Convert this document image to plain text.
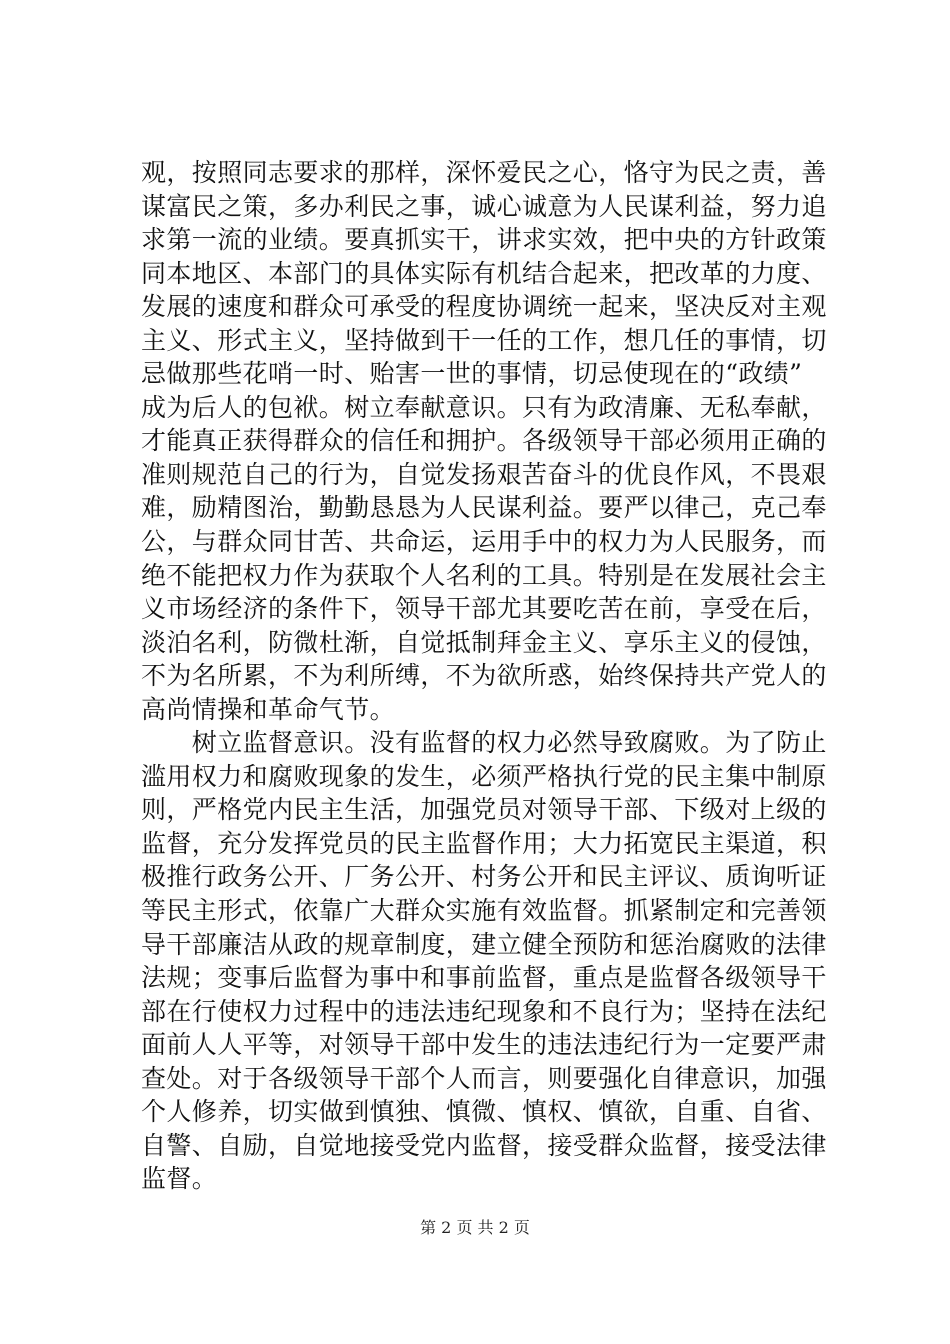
观，按照同志要求的那样，深怀爱民之心，恪守为民之责，善
谋富民之策，多办利民之事，诚心诚意为人民谋利益，努力追
求第一流的业绩。要真抓实干，讲求实效，把中央的方针政策
同本地区、本部门的具体实际有机结合起来，把改革的力度、
发展的速度和群众可承受的程度协调统一起来，坚决反对主观
主义、形式主义，坚持做到干一任的工作，想几任的事情，切
忌做那些花哨一时、贻害一世的事情，切忌使现在的“政绩”
成为后人的包袱。树立奉献意识。只有为政清廉、无私奉献，
才能真正获得群众的信任和拥护。各级领导干部必须用正确的
准则规范自己的行为，自觉发扬艰苦奋斗的优良作风，不畏艰
难，励精图治，勤勤恳恳为人民谋利益。要严以律己，克己奉
公，与群众同甘苦、共命运，运用手中的权力为人民服务，而
绝不能把权力作为获取个人名利的工具。特别是在发展社会主
义市场经济的条件下，领导干部尤其要吃苦在前，享受在后，
淡泊名利，防微杜渐，自觉抵制拜金主义、享乐主义的侵蚀，
不为名所累，不为利所缚，不为欲所惑，始终保持共产党人的
高尚情操和革命气节。
　　树立监督意识。没有监督的权力必然导致腐败。为了防止
滥用权力和腐败现象的发生，必须严格执行党的民主集中制原
则，严格党内民主生活，加强党员对领导干部、下级对上级的
监督，充分发挥党员的民主监督作用；大力拓宽民主渠道，积
极推行政务公开、厂务公开、村务公开和民主评议、质询听证
等民主形式，依靠广大群众实施有效监督。抓紧制定和完善领
导干部廉洁从政的规章制度，建立健全预防和惩治腐败的法律
法规；变事后监督为事中和事前监督，重点是监督各级领导干
部在行使权力过程中的违法违纪现象和不良行为；坚持在法纪
面前人人平等，对领导干部中发生的违法违纪行为一定要严肃
查处。对于各级领导干部个人而言，则要强化自律意识，加强
个人修养，切实做到慎独、慎微、慎权、慎欲，自重、自省、
自警、自励，自觉地接受党内监督，接受群众监督，接受法律
监督。
第 2 页 共 2 页
